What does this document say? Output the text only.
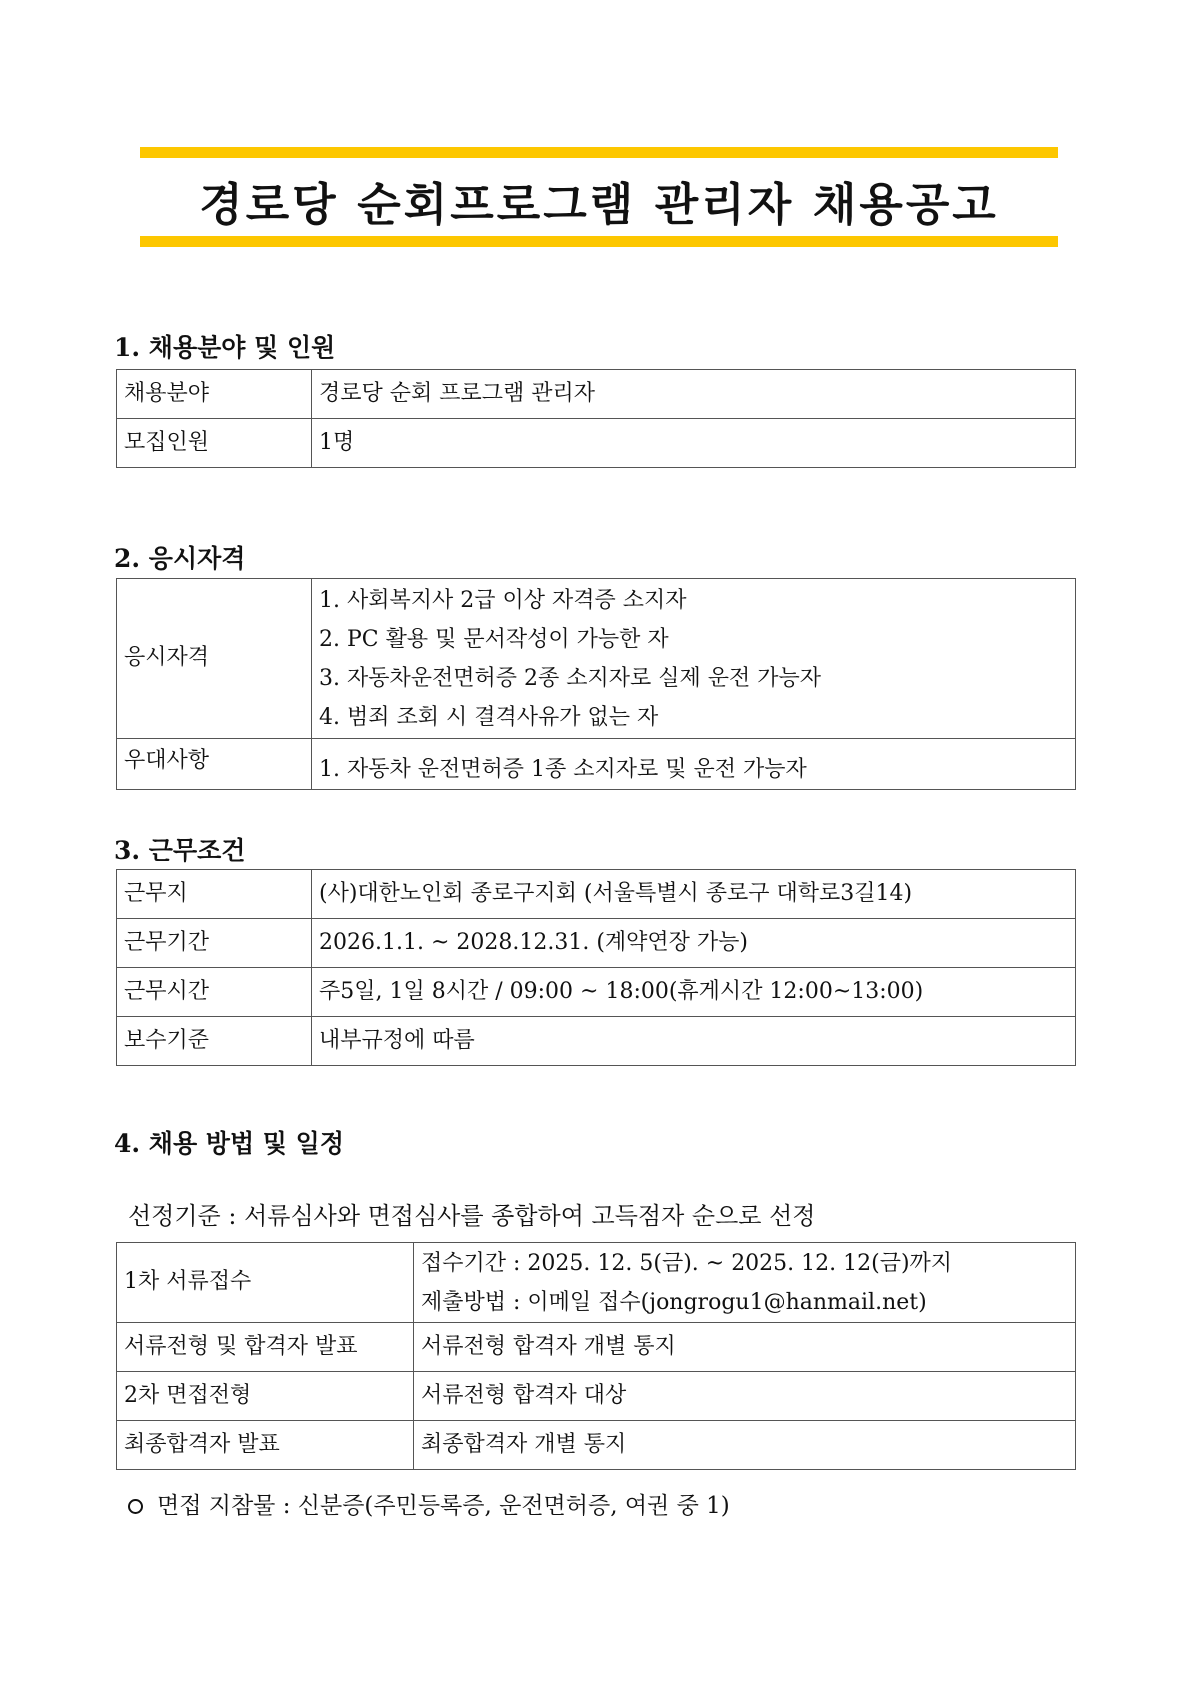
경로당 순회프로그램 관리자 채용공고
1. 채용분야 및 인원
채용분야	경로당 순회 프로그램 관리자
모집인원	1명
2. 응시자격
응시자격	1. 사회복지사 2급 이상 자격증 소지자
2. PC 활용 및 문서작성이 가능한 자
3. 자동차운전면허증 2종 소지자로 실제 운전 가능자
4. 범죄 조회 시 결격사유가 없는 자

우대사항	1. 자동차 운전면허증 1종 소지자로 및 운전 가능자
3. 근무조건
근무지	(사)대한노인회 종로구지회 (서울특별시 종로구 대학로3길14)
근무기간	2026.1.1. ~ 2028.12.31. (계약연장 가능)
근무시간	주5일, 1일 8시간 / 09:00 ~ 18:00(휴게시간 12:00~13:00)
보수기준	내부규정에 따름
4. 채용 방법 및 일정
선정기준 : 서류심사와 면접심사를 종합하여 고득점자 순으로 선정
1차 서류접수	접수기간 : 2025. 12. 5(금). ~ 2025. 12. 12(금)까지
제출방법 : 이메일 접수(jongrogu1@hanmail.net)

서류전형 및 합격자 발표	서류전형 합격자 개별 통지
2차 면접전형	서류전형 합격자 대상
최종합격자 발표	최종합격자 개별 통지
면접 지참물 : 신분증(주민등록증, 운전면허증, 여권 중 1)
